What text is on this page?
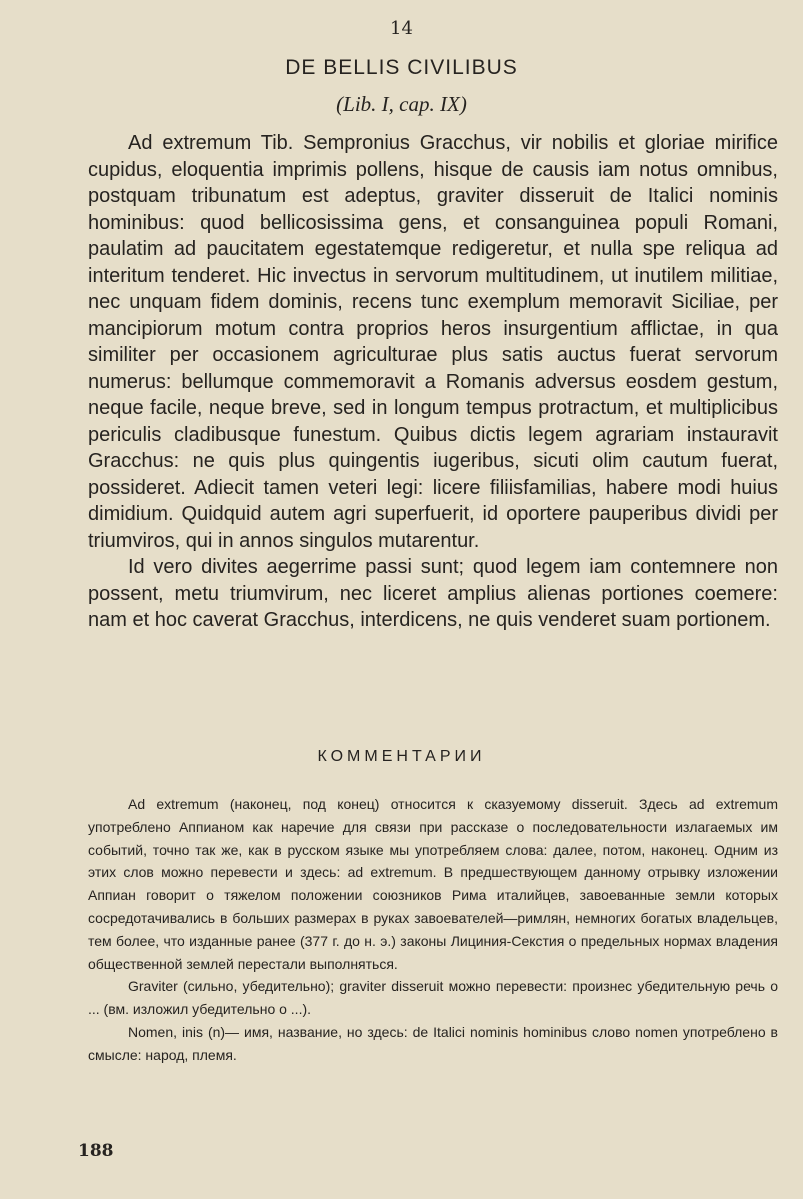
14
DE BELLIS CIVILIBUS
(Lib. I, cap. IX)

Ad extremum Tib. Sempronius Gracchus, vir nobilis et gloriae mirifice cupidus, eloquentia imprimis pollens, hisque de causis iam notus omnibus, postquam tribunatum est adeptus, graviter disseruit de Italici nominis hominibus: quod bellicosissima gens, et consanguinea populi Romani, paulatim ad paucitatem egestatemque redigeretur, et nulla spe reliqua ad interitum tenderet. Hic invectus in servorum multitudinem, ut inutilem militiae, nec unquam fidem dominis, recens tunc exemplum memoravit Siciliae, per mancipiorum motum contra proprios heros insurgentium afflictae, in qua similiter per occasionem agriculturae plus satis auctus fuerat servorum numerus: bellumque commemoravit a Romanis adversus eosdem gestum, neque facile, neque breve, sed in longum tempus protractum, et multiplicibus periculis cladibusque funestum. Quibus dictis legem agrariam instauravit Gracchus: ne quis plus quingentis iugeribus, sicuti olim cautum fuerat, possideret. Adiecit tamen veteri legi: licere filiisfamilias, habere modi huius dimidium. Quidquid autem agri superfuerit, id oportere pauperibus dividi per triumviros, qui in annos singulos mutarentur.

Id vero divites aegerrime passi sunt; quod legem iam contemnere non possent, metu triumvirum, nec liceret amplius alienas portiones coemere: nam et hoc caverat Gracchus, interdicens, ne quis venderet suam portionem.

КОММЕНТАРИИ

Ad extremum (наконец, под конец) относится к сказуемому disseruit. Здесь ad extremum употреблено Аппианом как наречие для связи при рассказе о последовательности излагаемых им событий, точно так же, как в русском языке мы употребляем слова: далее, потом, наконец. Одним из этих слов можно перевести и здесь: ad extremum. В предшествующем данному отрывку изложении Аппиан говорит о тяжелом положении союзников Рима италийцев, завоеванные земли которых сосредотачивались в больших размерах в руках завоевателей—римлян, немногих богатых владельцев, тем более, что изданные ранее (377 г. до н. э.) законы Лициния-Секстия о предельных нормах владения общественной землей перестали выполняться.

Graviter (сильно, убедительно); graviter disseruit можно перевести: произнес убедительную речь о ... (вм. изложил убедительно о ...).

Nomen, inis (n)— имя, название, но здесь: de Italici nominis hominibus слово nomen употреблено в смысле: народ, племя.

188
